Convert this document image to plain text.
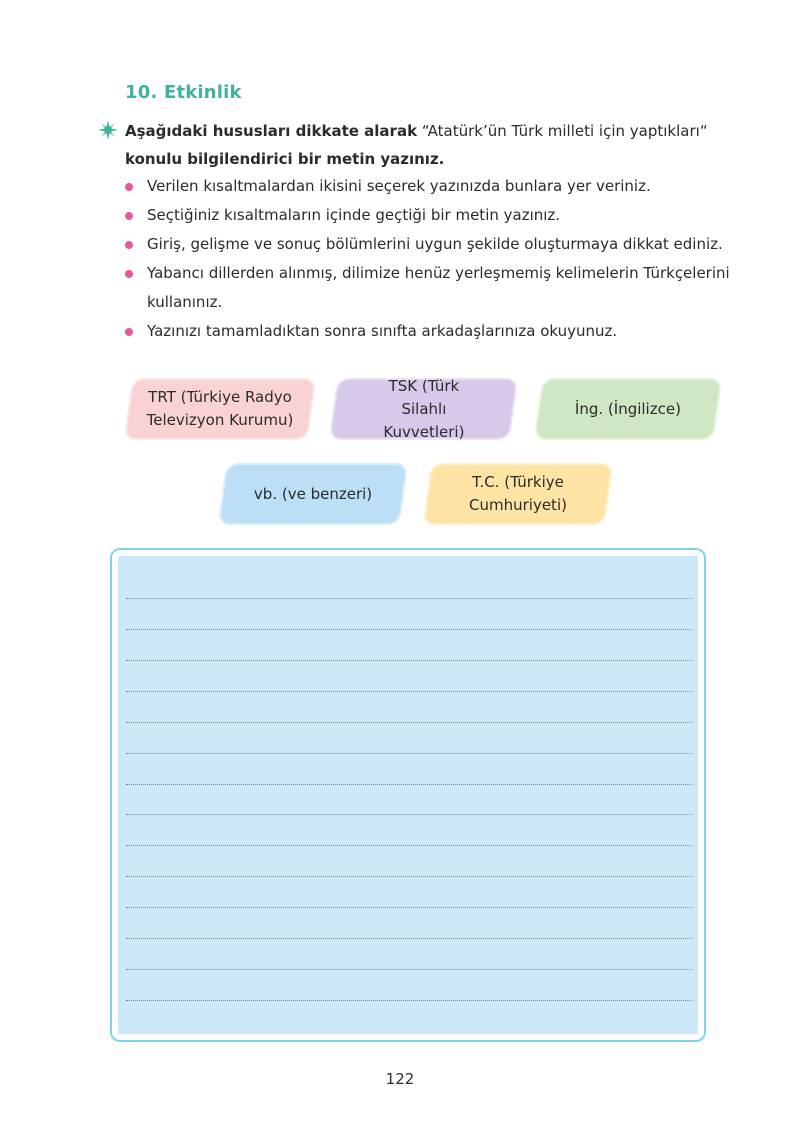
10. Etkinlik
Aşağıdaki hususları dikkate alarak “Atatürk’ün Türk milleti için yaptıkları“ konulu bilgilendirici bir metin yazınız.
Verilen kısaltmalardan ikisini seçerek yazınızda bunlara yer veriniz.
Seçtiğiniz kısaltmaların içinde geçtiği bir metin yazınız.
Giriş, gelişme ve sonuç bölümlerini uygun şekilde oluşturmaya dikkat ediniz.
Yabancı dillerden alınmış, dilimize henüz yerleşmemiş kelimelerin Türkçelerini kullanınız.
Yazınızı tamamladıktan sonra sınıfta arkadaşlarınıza okuyunuz.
TRT (Türkiye Radyo Televizyon Kurumu)
TSK (Türk Silahlı Kuvvetleri)
İng. (İngilizce)
vb. (ve benzeri)
T.C. (Türkiye Cumhuriyeti)
122
